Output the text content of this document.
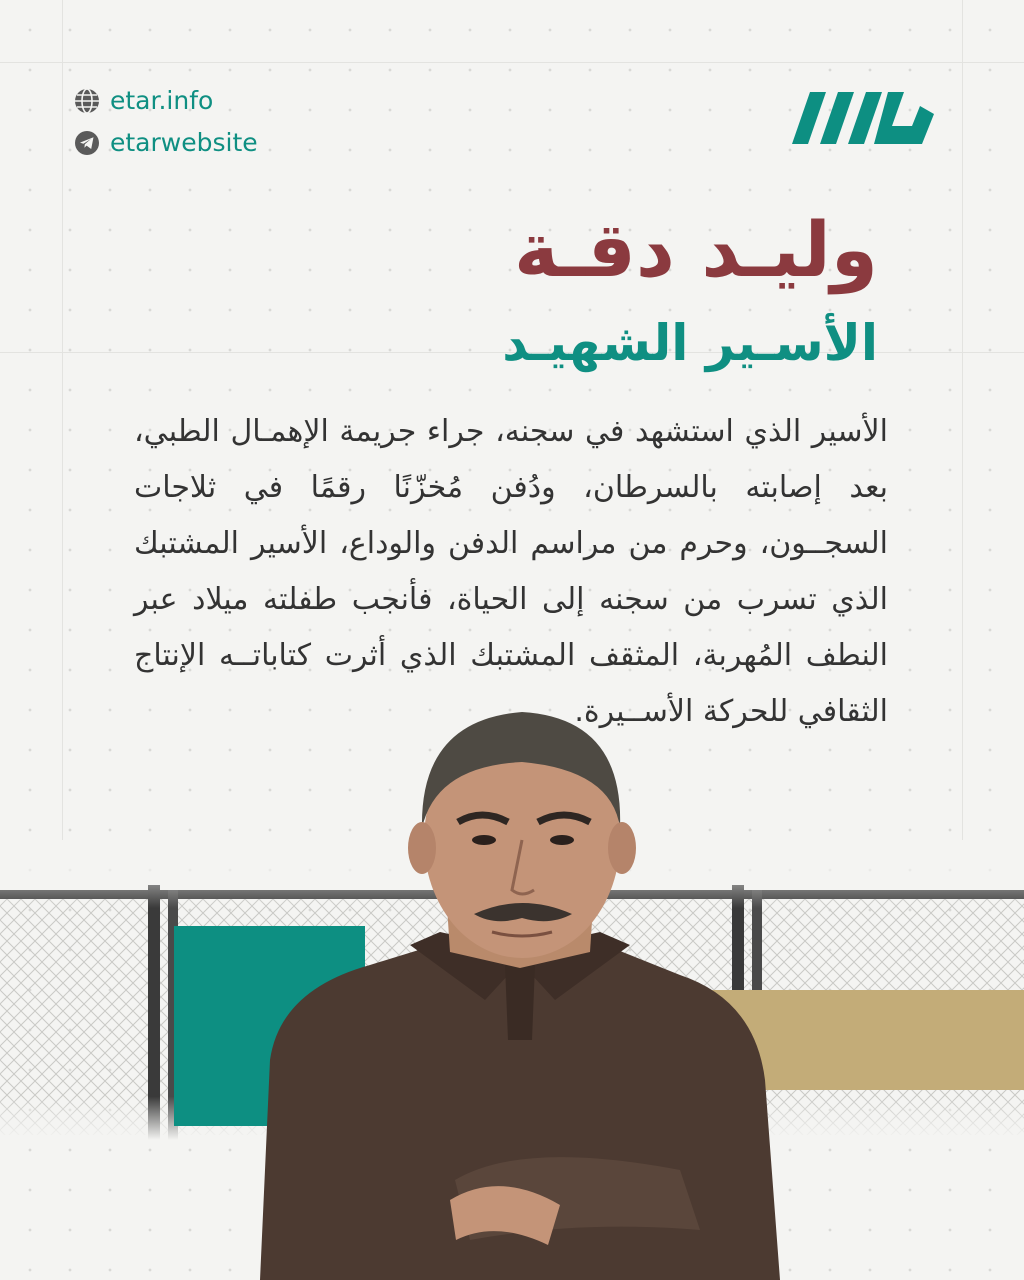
etar.info
etarwebsite
وليـد دقـة
الأسـير الشهيـد
الأسير الذي استشهد في سجنه، جراء جريمة الإهمـال الطبي، بعد إصابته بالسرطان، ودُفن مُخزّنًا رقمًا في ثلاجات السجــون، وحرم من مراسم الدفن والوداع، الأسير المشتبك الذي تسرب من سجنه إلى الحياة، فأنجب طفلته ميلاد عبر النطف المُهربة، المثقف المشتبك الذي أثرت كتاباتــه الإنتاج الثقافي للحركة الأســيرة.
